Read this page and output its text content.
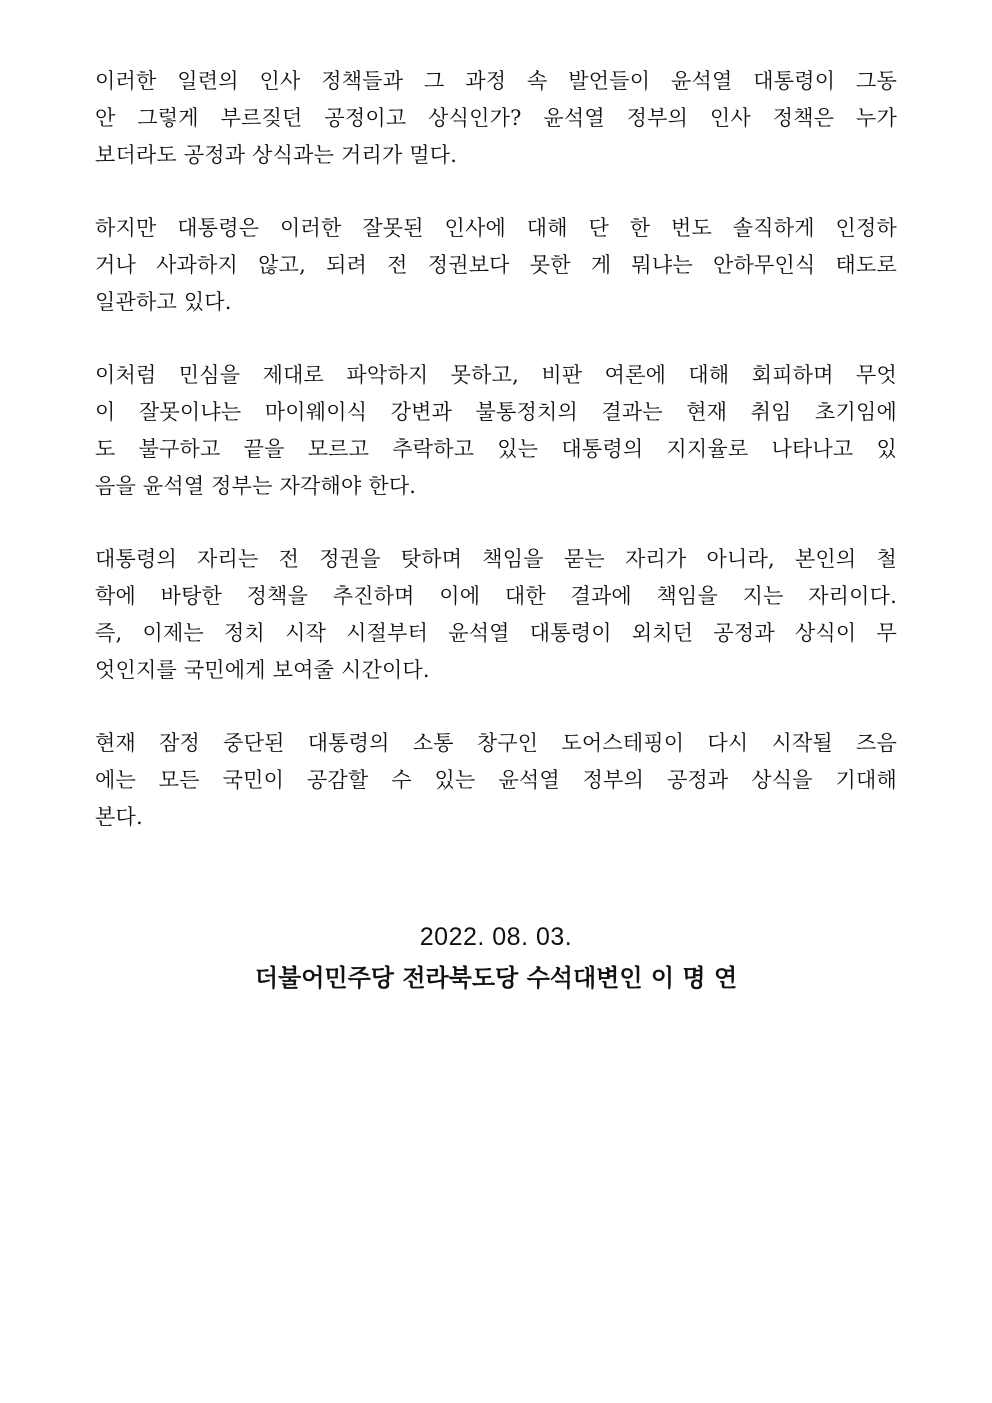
이러한 일련의 인사 정책들과 그 과정 속 발언들이 윤석열 대통령이 그동
안 그렇게 부르짖던 공정이고 상식인가? 윤석열 정부의 인사 정책은 누가
보더라도 공정과 상식과는 거리가 멀다.
하지만 대통령은 이러한 잘못된 인사에 대해 단 한 번도 솔직하게 인정하
거나 사과하지 않고, 되려 전 정권보다 못한 게 뭐냐는 안하무인식 태도로
일관하고 있다.
이처럼 민심을 제대로 파악하지 못하고, 비판 여론에 대해 회피하며 무엇
이 잘못이냐는 마이웨이식 강변과 불통정치의 결과는 현재 취임 초기임에
도 불구하고 끝을 모르고 추락하고 있는 대통령의 지지율로 나타나고 있
음을 윤석열 정부는 자각해야 한다.
대통령의 자리는 전 정권을 탓하며 책임을 묻는 자리가 아니라, 본인의 철
학에 바탕한 정책을 추진하며 이에 대한 결과에 책임을 지는 자리이다.
즉, 이제는 정치 시작 시절부터 윤석열 대통령이 외치던 공정과 상식이 무
엇인지를 국민에게 보여줄 시간이다.
현재 잠정 중단된 대통령의 소통 창구인 도어스테핑이 다시 시작될 즈음
에는 모든 국민이 공감할 수 있는 윤석열 정부의 공정과 상식을 기대해
본다.
2022. 08. 03.
더불어민주당 전라북도당 수석대변인 이 명 연
